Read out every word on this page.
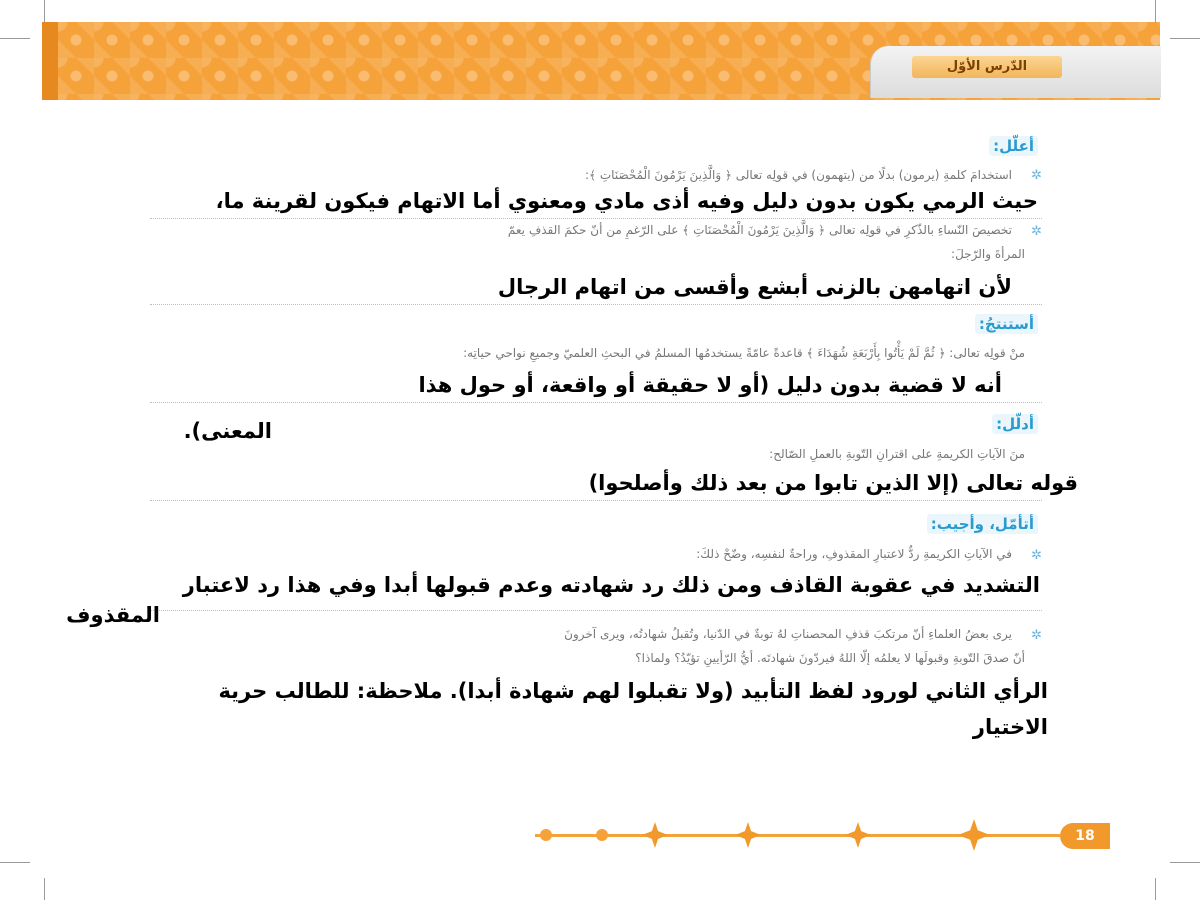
الدّرس الأوّل
أعلّل:
✲
استخدامَ كلمةِ (يرمون) بدلًا من (يتهمون) في قولِه تعالى ﴿ وَالَّذِينَ يَرْمُونَ الْمُحْصَنَاتِ ﴾:
حيث الرمي يكون بدون دليل وفيه أذى مادي ومعنوي أما الاتهام فيكون لقرينة ما،
✲
تخصيصَ النّساءِ بالذّكرِ في قولِه تعالى ﴿ وَالَّذِينَ يَرْمُونَ الْمُحْصَنَاتِ ﴾ على الرّغمِ من أنّ حكمَ القذفِ يعمّ
المرأةَ والرّجلَ:
لأن اتهامهن بالزنى أبشع وأقسى من اتهام الرجال
أستنتجُ:
منْ قولِه تعالى: ﴿ ثُمَّ لَمْ يَأْتُوا بِأَرْبَعَةِ شُهَدَاءَ ﴾ قاعدةً عامّةً يستخدمُها المسلمُ في البحثِ العلميّ وجميعِ نواحي حياتِه:
أنه لا قضية بدون دليل (أو لا حقيقة أو واقعة، أو حول هذا
أدلّل:
المعنى).
منَ الآياتِ الكريمةِ على اقترانِ التّوبةِ بالعملِ الصّالح:
قوله تعالى (إلا الذين تابوا من بعد ذلك وأصلحوا)
أتأمّل، وأجيب:
✲
في الآياتِ الكريمةِ ردٌّ لاعتبارِ المقذوفِ، وراحةٌ لنفسِه، وضّحْ ذلكَ:
التشديد في عقوبة القاذف ومن ذلك رد شهادته وعدم قبولها أبدا وفي هذا رد لاعتبار
المقذوف
✲
يرى بعضُ العلماءِ أنّ مرتكبَ قذفِ المحصناتِ لهُ توبةٌ في الدّنيا، وتُقبلُ شهادتُه، ويرى آخرونَ
أنّ صدقَ التّوبةِ وقبولَها لا يعلمُه إلّا اللهُ فيردّونَ شهادتَه. أيُّ الرّأيينِ تؤيّدُ؟ ولماذا؟
الرأي الثاني لورود لفظ التأبيد (ولا تقبلوا لهم شهادة أبدا). ملاحظة: للطالب حرية
الاختيار
18
